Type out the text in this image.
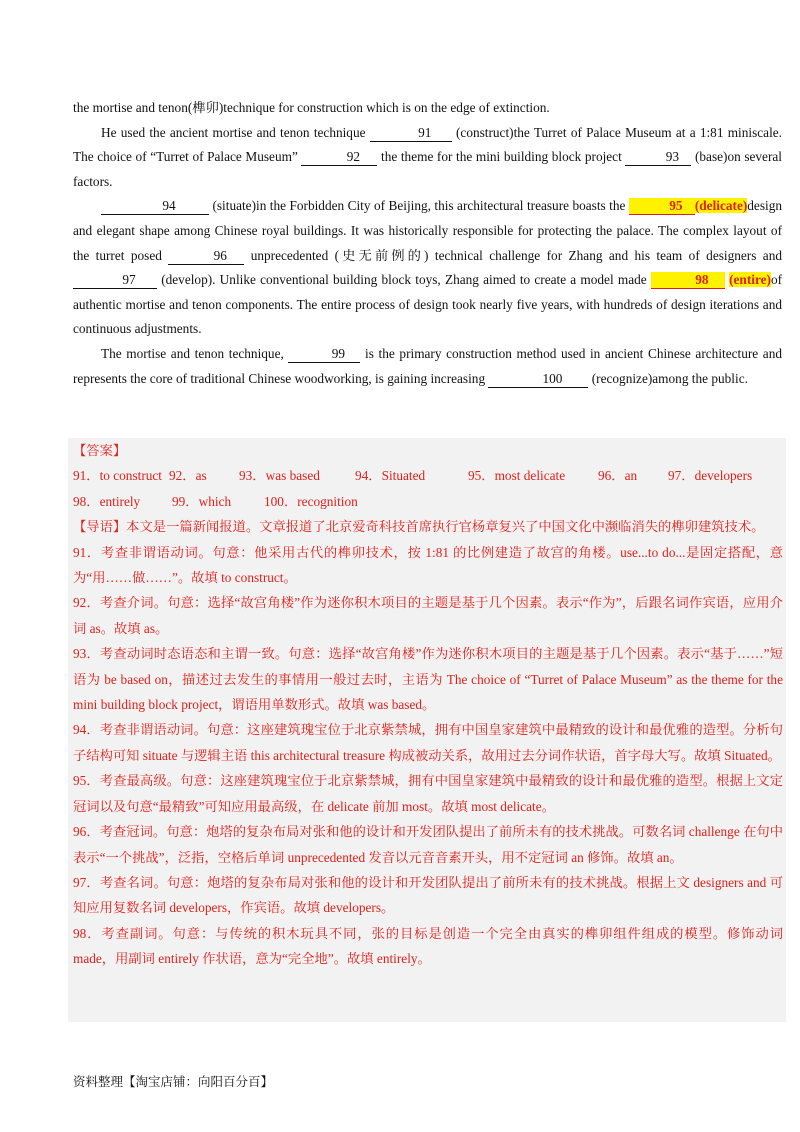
the mortise and tenon(榫卯)technique for construction which is on the edge of extinction.

He used the ancient mortise and tenon technique	91 (construct)the Turret of Palace Museum at a 1:81 miniscale. The choice of “Turret of Palace Museum”	92 the theme for the mini building block project	93 (base)on several factors.

94	(situate)in the Forbidden City of Beijing, this architectural treasure boasts the	95 (delicate)design and elegant shape among Chinese royal buildings. It was historically responsible for protecting the palace. The complex layout of the turret posed	96 unprecedented (史无前例的) technical challenge for Zhang and his team of designers and 97 (develop). Unlike conventional building block toys, Zhang aimed to create a model made	98 (entire)of authentic mortise and tenon components. The entire process of design took nearly five years, with hundreds of design iterations and continuous adjustments.

The mortise and tenon technique,	99 is the primary construction method used in ancient Chinese architecture and represents the core of traditional Chinese woodworking, is gaining increasing	100 (recognize)among the public.

【答案】
91．to construct 92．as 93．was based	94．Situated	95．most delicate 96．an 97．developers
98．entirely 99．which 100．recognition
【导语】本文是一篇新闻报道。文章报道了北京爱奇科技首席执行官杨章复兴了中国文化中濒临消失的榫卯建筑技术。
91．考查非谓语动词。句意：他采用古代的榫卯技术，按 1:81 的比例建造了故宫的角楼。use...to do...是固定搭配，意为“用……做……”。故填 to construct。
92．考查介词。句意：选择“故宫角楼”作为迷你积木项目的主题是基于几个因素。表示“作为”，后跟名词作宾语，应用介词 as。故填 as。
93．考查动词时态语态和主谓一致。句意：选择“故宫角楼”作为迷你积木项目的主题是基于几个因素。表示“基于……”短语为 be based on，描述过去发生的事情用一般过去时，主语为 The choice of “Turret of Palace Museum” as the theme for the mini building block project，谓语用单数形式。故填 was based。
94．考查非谓语动词。句意：这座建筑瑰宝位于北京紫禁城，拥有中国皇家建筑中最精致的设计和最优雅的造型。分析句子结构可知 situate 与逻辑主语 this architectural treasure 构成被动关系，故用过去分词作状语，首字母大写。故填 Situated。
95．考查最高级。句意：这座建筑瑰宝位于北京紫禁城，拥有中国皇家建筑中最精致的设计和最优雅的造型。根据上文定冠词以及句意“最精致”可知应用最高级，在 delicate 前加 most。故填 most delicate。
96．考查冠词。句意：炮塔的复杂布局对张和他的设计和开发团队提出了前所未有的技术挑战。可数名词 challenge 在句中表示“一个挑战”，泛指，空格后单词 unprecedented 发音以元音音素开头，用不定冠词 an 修饰。故填 an。
97．考查名词。句意：炮塔的复杂布局对张和他的设计和开发团队提出了前所未有的技术挑战。根据上文 designers and 可知应用复数名词 developers，作宾语。故填 developers。
98．考查副词。句意：与传统的积木玩具不同，张的目标是创造一个完全由真实的榫卯组件组成的模型。修饰动词 made，用副词 entirely 作状语，意为“完全地”。故填 entirely。
资料整理【淘宝店铺：向阳百分百】
